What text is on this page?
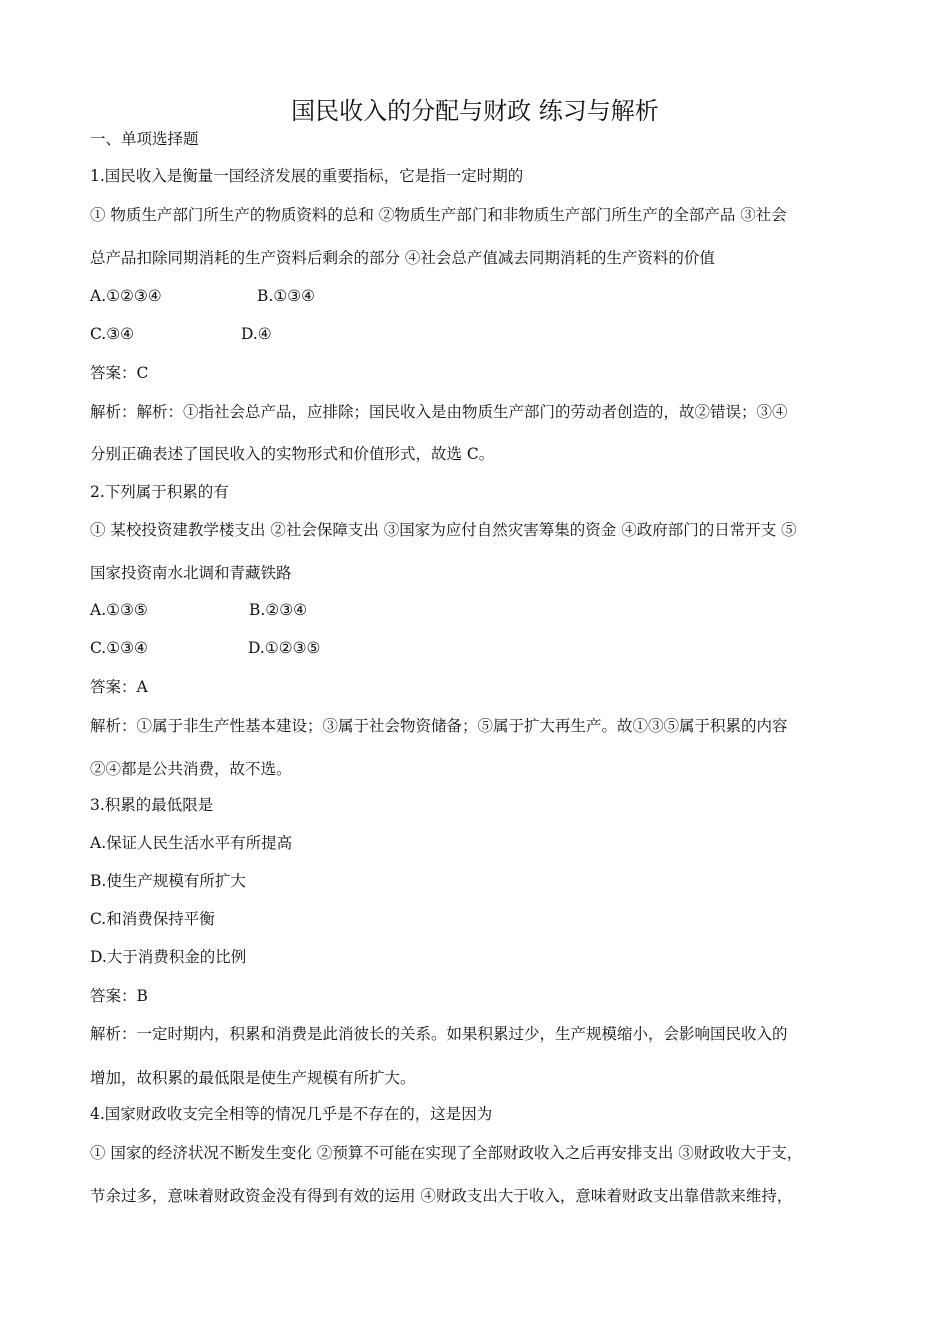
国民收入的分配与财政 练习与解析
一、单项选择题
1.国民收入是衡量一国经济发展的重要指标，它是指一定时期的
① 物质生产部门所生产的物质资料的总和 ②物质生产部门和非物质生产部门所生产的全部产品 ③社会
总产品扣除同期消耗的生产资料后剩余的部分 ④社会总产值减去同期消耗的生产资料的价值
A.①②③④	B.①③④
C.③④	D.④
答案：C
解析：解析：①指社会总产品，应排除；国民收入是由物质生产部门的劳动者创造的，故②错误；③④
分别正确表述了国民收入的实物形式和价值形式，故选 C。
2.下列属于积累的有
① 某校投资建教学楼支出 ②社会保障支出 ③国家为应付自然灾害筹集的资金 ④政府部门的日常开支 ⑤
国家投资南水北调和青藏铁路
A.①③⑤	B.②③④
C.①③④	D.①②③⑤
答案：A
解析：①属于非生产性基本建设；③属于社会物资储备；⑤属于扩大再生产。故①③⑤属于积累的内容
②④都是公共消费，故不选。
3.积累的最低限是
A.保证人民生活水平有所提高
B.使生产规模有所扩大
C.和消费保持平衡
D.大于消费积金的比例
答案：B
解析：一定时期内，积累和消费是此消彼长的关系。如果积累过少，生产规模缩小，会影响国民收入的
增加，故积累的最低限是使生产规模有所扩大。
4.国家财政收支完全相等的情况几乎是不存在的，这是因为
① 国家的经济状况不断发生变化 ②预算不可能在实现了全部财政收入之后再安排支出 ③财政收大于支，
节余过多，意味着财政资金没有得到有效的运用 ④财政支出大于收入，意味着财政支出靠借款来维持，
